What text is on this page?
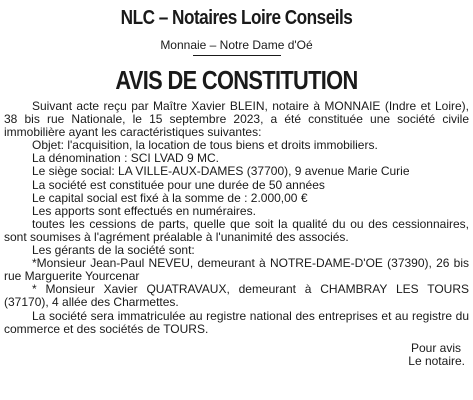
NLC – Notaires Loire Conseils
Monnaie – Notre Dame d'Oé
AVIS DE CONSTITUTION

Suivant acte reçu par Maître Xavier BLEIN, notaire à MONNAIE (Indre et Loire), 38 bis rue Nationale, le 15 septembre 2023, a été constituée une société civile immobilière ayant les caractéristiques suivantes:

Objet: l'acquisition, la location de tous biens et droits immobiliers.

La dénomination : SCI LVAD 9 MC.

Le siège social: LA VILLE-AUX-DAMES (37700), 9 avenue Marie Curie

La société est constituée pour une durée de 50 années

Le capital social est fixé à la somme de : 2.000,00 €

Les apports sont effectués en numéraires.

toutes les cessions de parts, quelle que soit la qualité du ou des cessionnaires, sont soumises à l'agrément préalable à l'unanimité des associés.

Les gérants de la société sont:

*Monsieur Jean-Paul NEVEU, demeurant à NOTRE-DAME-D'OE (37390), 26 bis rue Marguerite Yourcenar

* Monsieur Xavier QUATRAVAUX, demeurant à CHAMBRAY LES TOURS (37170), 4 allée des Charmettes.

La société sera immatriculée au registre national des entreprises et au registre du commerce et des sociétés de TOURS.

Pour avis
Le notaire.
